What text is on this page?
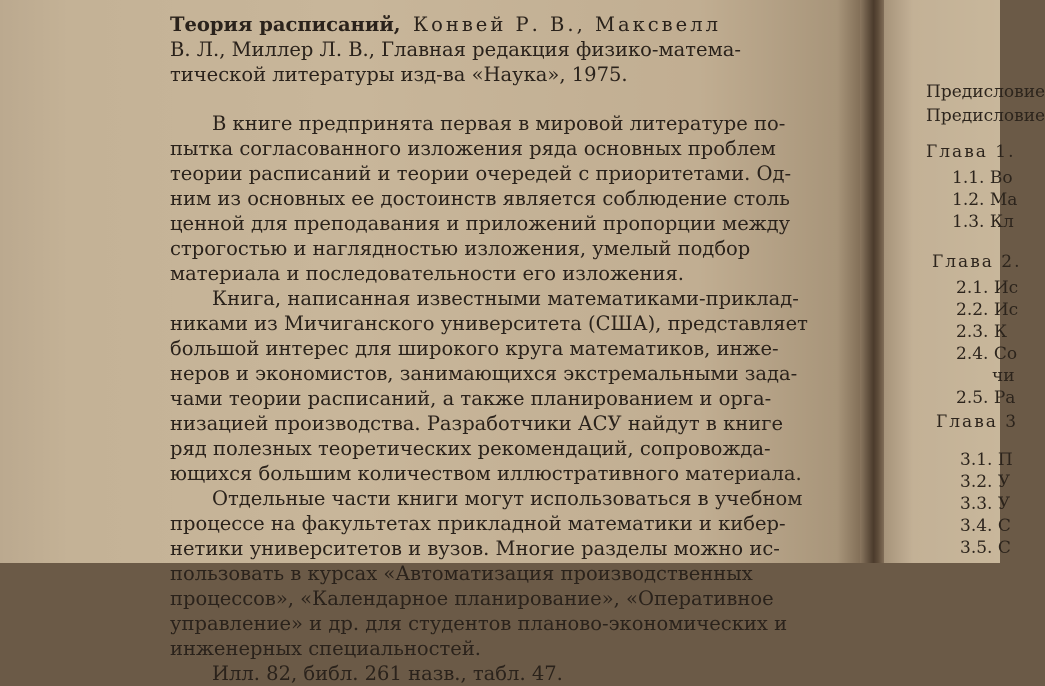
Теория расписаний, Конвей Р. В., Максвелл
В. Л., Миллер Л. В., Главная редакция физико-матема-
тической литературы изд-ва «Наука», 1975.
В книге предпринята первая в мировой литературе по-
пытка согласованного изложения ряда основных проблем
теории расписаний и теории очередей с приоритетами. Од-
ним из основных ее достоинств является соблюдение столь
ценной для преподавания и приложений пропорции между
строгостью и наглядностью изложения, умелый подбор
материала и последовательности его изложения.
Книга, написанная известными математиками-приклад-
никами из Мичиганского университета (США), представляет
большой интерес для широкого круга математиков, инже-
неров и экономистов, занимающихся экстремальными зада-
чами теории расписаний, а также планированием и орга-
низацией производства. Разработчики АСУ найдут в книге
ряд полезных теоретических рекомендаций, сопровожда-
ющихся большим количеством иллюстративного материала.
Отдельные части книги могут использоваться в учебном
процессе на факультетах прикладной математики и кибер-
нетики университетов и вузов. Многие разделы можно ис-
пользовать в курсах «Автоматизация производственных
процессов», «Календарное планирование», «Оперативное
управление» и др. для студентов планово-экономических и
инженерных специальностей.
Илл. 82, библ. 261 назв., табл. 47.
Предисловие
Предисловие
Глава 1.
1.1. Во
1.2. Ма
1.3. Кл
Глава 2.
2.1. Ис
2.2. Ис
2.3. К
2.4. Со
чи
2.5. Ра
Глава 3
3.1. П
3.2. У
3.3. У
3.4. С
3.5. С
